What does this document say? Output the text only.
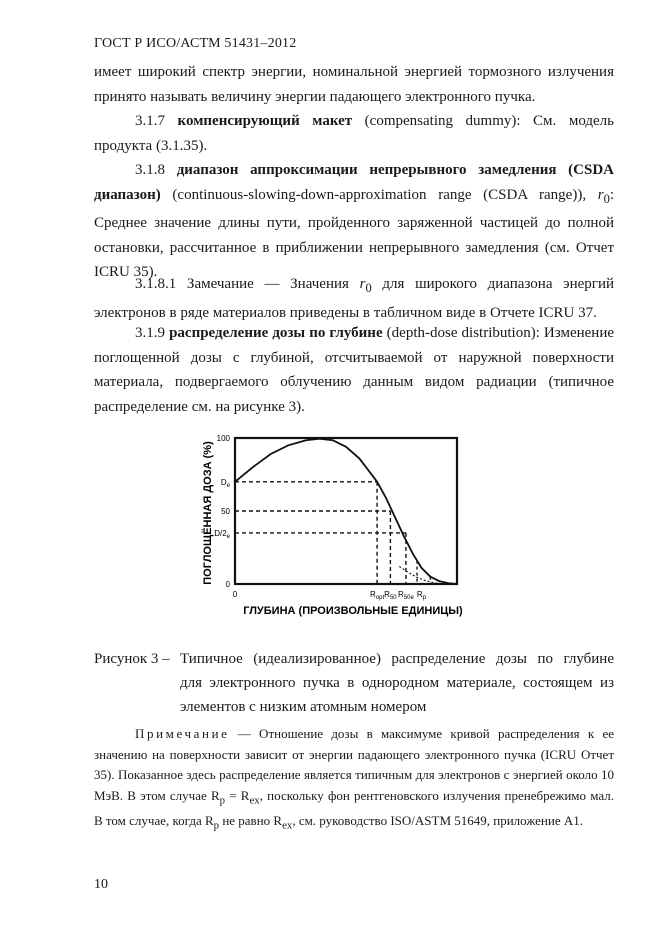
ГОСТ Р ИСО/АСТМ 51431–2012
имеет широкий спектр энергии, номинальной энергией тормозного излучения принято называть величину энергии падающего электронного пучка.
3.1.7 компенсирующий макет (compensating dummy): См. модель продукта (3.1.35).
3.1.8 диапазон аппроксимации непрерывного замедления (CSDA диапазон) (continuous-slowing-down-approximation range (CSDA range)), $r_0$: Среднее значение длины пути, пройденного заряженной частицей до полной остановки, рассчитанное в приближении непрерывного замедления (см. Отчет ICRU 35).
3.1.8.1 Замечание — Значения $r_0$ для широкого диапазона энергий электронов в ряде материалов приведены в табличном виде в Отчете ICRU 37.
3.1.9 распределение дозы по глубине (depth-dose distribution): Изменение поглощенной дозы с глубиной, отсчитываемой от наружной поверхности материала, подвергаемого облучению данным видом радиации (типичное распределение см. на рисунке 3).
100
$D_e$
50
$D/2_e$
0
0	$R_{opt}$ $R_{50}$ $R_{50e}$ $R_p$
ПОГЛОЩЁННАЯ ДОЗА (%)
ГЛУБИНА (ПРОИЗВОЛЬНЫЕ ЕДИНИЦЫ)
Рисунок 3 – Типичное (идеализированное) распределение дозы по глубине
для электронного пучка в однородном материале, состоящем из
элементов с низким атомным номером
Примечание — Отношение дозы в максимуме кривой распределения к ее значению на поверхности зависит от энергии падающего электронного пучка (ICRU Отчет 35). Показанное здесь распределение является типичным для электронов с энергией около 10 МэВ. В этом случае $R_p = R_{ex}$, поскольку фон рентгеновского излучения пренебрежимо мал. В том случае, когда $R_p$ не равно $R_{ex}$, см. руководство ISO/ASTM 51649, приложение A1.
10
